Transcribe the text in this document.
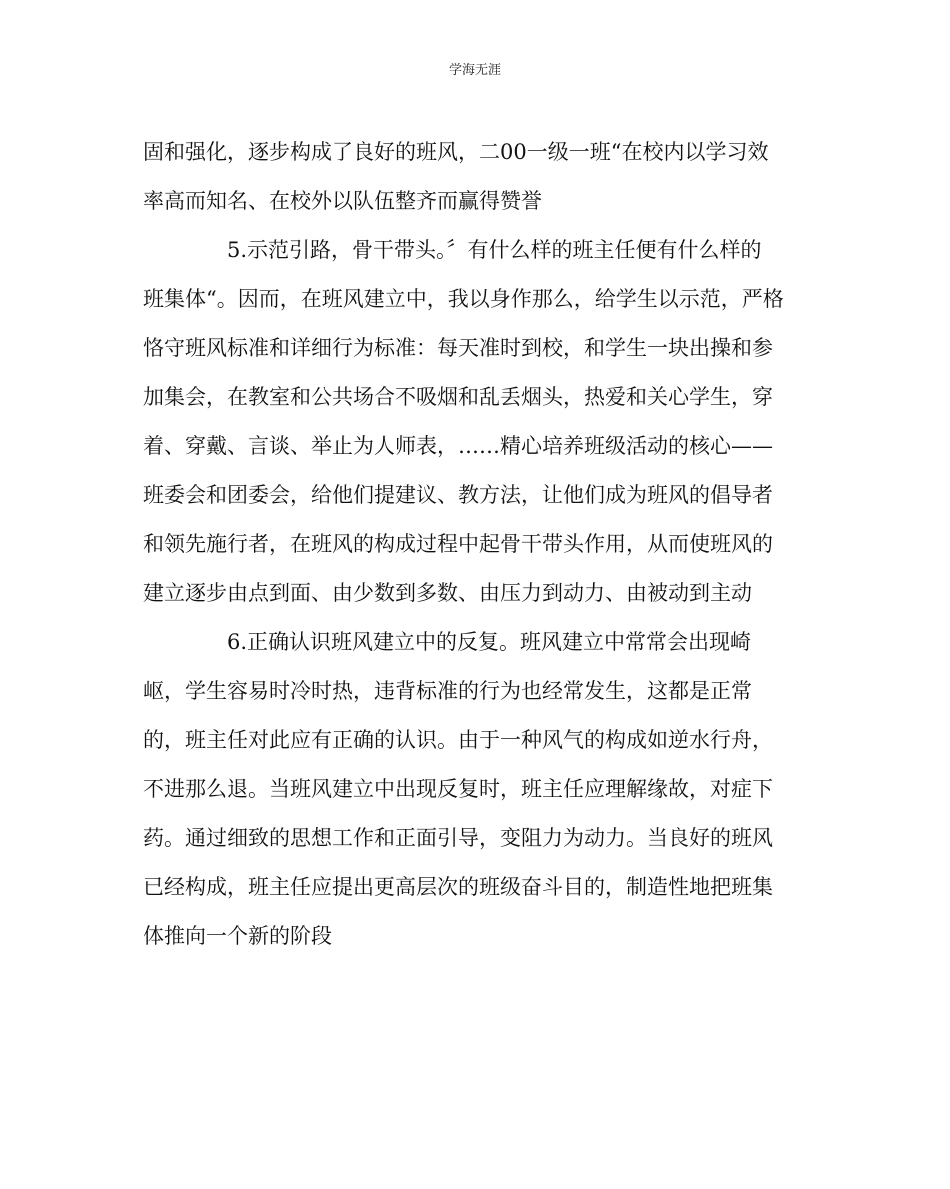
学海无涯
固和强化，逐步构成了良好的班风，二00一级一班“在校内以学习效
率高而知名、在校外以队伍整齐而赢得赞誉
5.示范引路，骨干带头。〞有什么样的班主任便有什么样的
班集体“。因而，在班风建立中，我以身作那么，给学生以示范，严格
恪守班风标准和详细行为标准：每天准时到校，和学生一块出操和参
加集会，在教室和公共场合不吸烟和乱丢烟头，热爱和关心学生，穿
着、穿戴、言谈、举止为人师表，……精心培养班级活动的核心——
班委会和团委会，给他们提建议、教方法，让他们成为班风的倡导者
和领先施行者，在班风的构成过程中起骨干带头作用，从而使班风的
建立逐步由点到面、由少数到多数、由压力到动力、由被动到主动
6.正确认识班风建立中的反复。班风建立中常常会出现崎
岖，学生容易时冷时热，违背标准的行为也经常发生，这都是正常
的，班主任对此应有正确的认识。由于一种风气的构成如逆水行舟，
不进那么退。当班风建立中出现反复时，班主任应理解缘故，对症下
药。通过细致的思想工作和正面引导，变阻力为动力。当良好的班风
已经构成，班主任应提出更高层次的班级奋斗目的，制造性地把班集
体推向一个新的阶段
